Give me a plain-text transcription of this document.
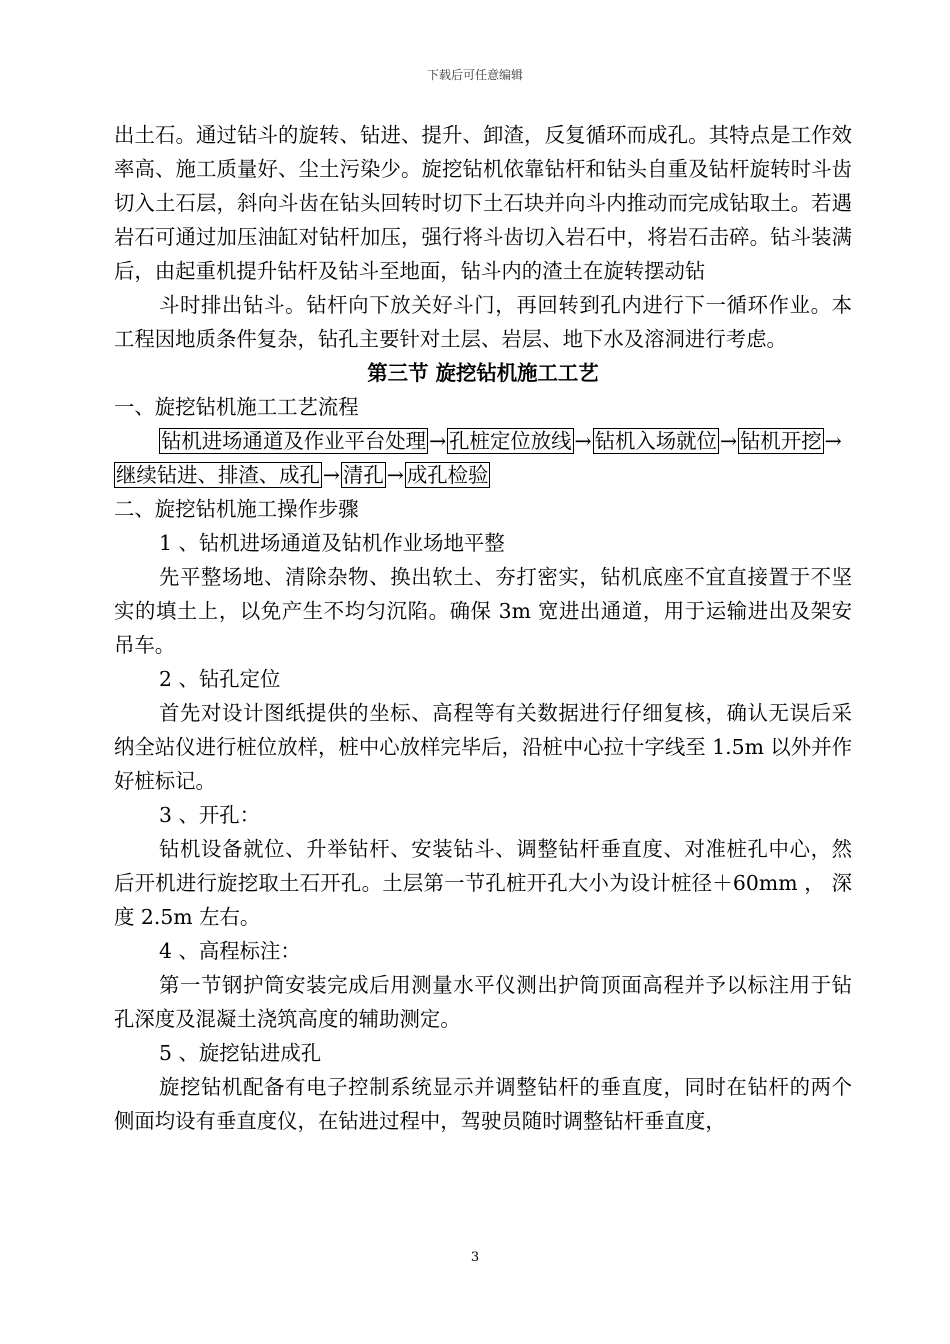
下载后可任意编辑

出土石。通过钻斗的旋转、钻进、提升、卸渣，反复循环而成孔。其特点是工作效率高、施工质量好、尘土污染少。旋挖钻机依靠钻杆和钻头自重及钻杆旋转时斗齿切入土石层，斜向斗齿在钻头回转时切下土石块并向斗内推动而完成钻取土。若遇岩石可通过加压油缸对钻杆加压，强行将斗齿切入岩石中，将岩石击碎。钻斗装满后，由起重机提升钻杆及钻斗至地面，钻斗内的渣土在旋转摆动钻

斗时排出钻斗。钻杆向下放关好斗门，再回转到孔内进行下一循环作业。本工程因地质条件复杂，钻孔主要针对土层、岩层、地下水及溶洞进行考虑。

第三节 旋挖钻机施工工艺

一、旋挖钻机施工工艺流程

钻机进场通道及作业平台处理 → 孔桩定位放线 → 钻机入场就位 → 钻机开挖 →继续钻进、排渣、成孔 → 清孔 → 成孔检验

二、旋挖钻机施工操作步骤

1 、钻机进场通道及钻机作业场地平整

先平整场地、清除杂物、换出软土、夯打密实，钻机底座不宜直接置于不坚实的填土上，以免产生不均匀沉陷。确保 3m 宽进出通道，用于运输进出及架安吊车。

2 、钻孔定位

首先对设计图纸提供的坐标、高程等有关数据进行仔细复核，确认无误后采纳全站仪进行桩位放样，桩中心放样完毕后，沿桩中心拉十字线至 1.5m 以外并作好桩标记。

3 、开孔：

钻机设备就位、升举钻杆、安装钻斗、调整钻杆垂直度、对准桩孔中心，然后开机进行旋挖取土石开孔。土层第一节孔桩开孔大小为设计桩径＋60mm ， 深度 2.5m 左右。

4 、高程标注：

第一节钢护筒安装完成后用测量水平仪测出护筒顶面高程并予以标注用于钻孔深度及混凝土浇筑高度的辅助测定。

5 、旋挖钻进成孔

旋挖钻机配备有电子控制系统显示并调整钻杆的垂直度，同时在钻杆的两个侧面均设有垂直度仪，在钻进过程中，驾驶员随时调整钻杆垂直度，

3
